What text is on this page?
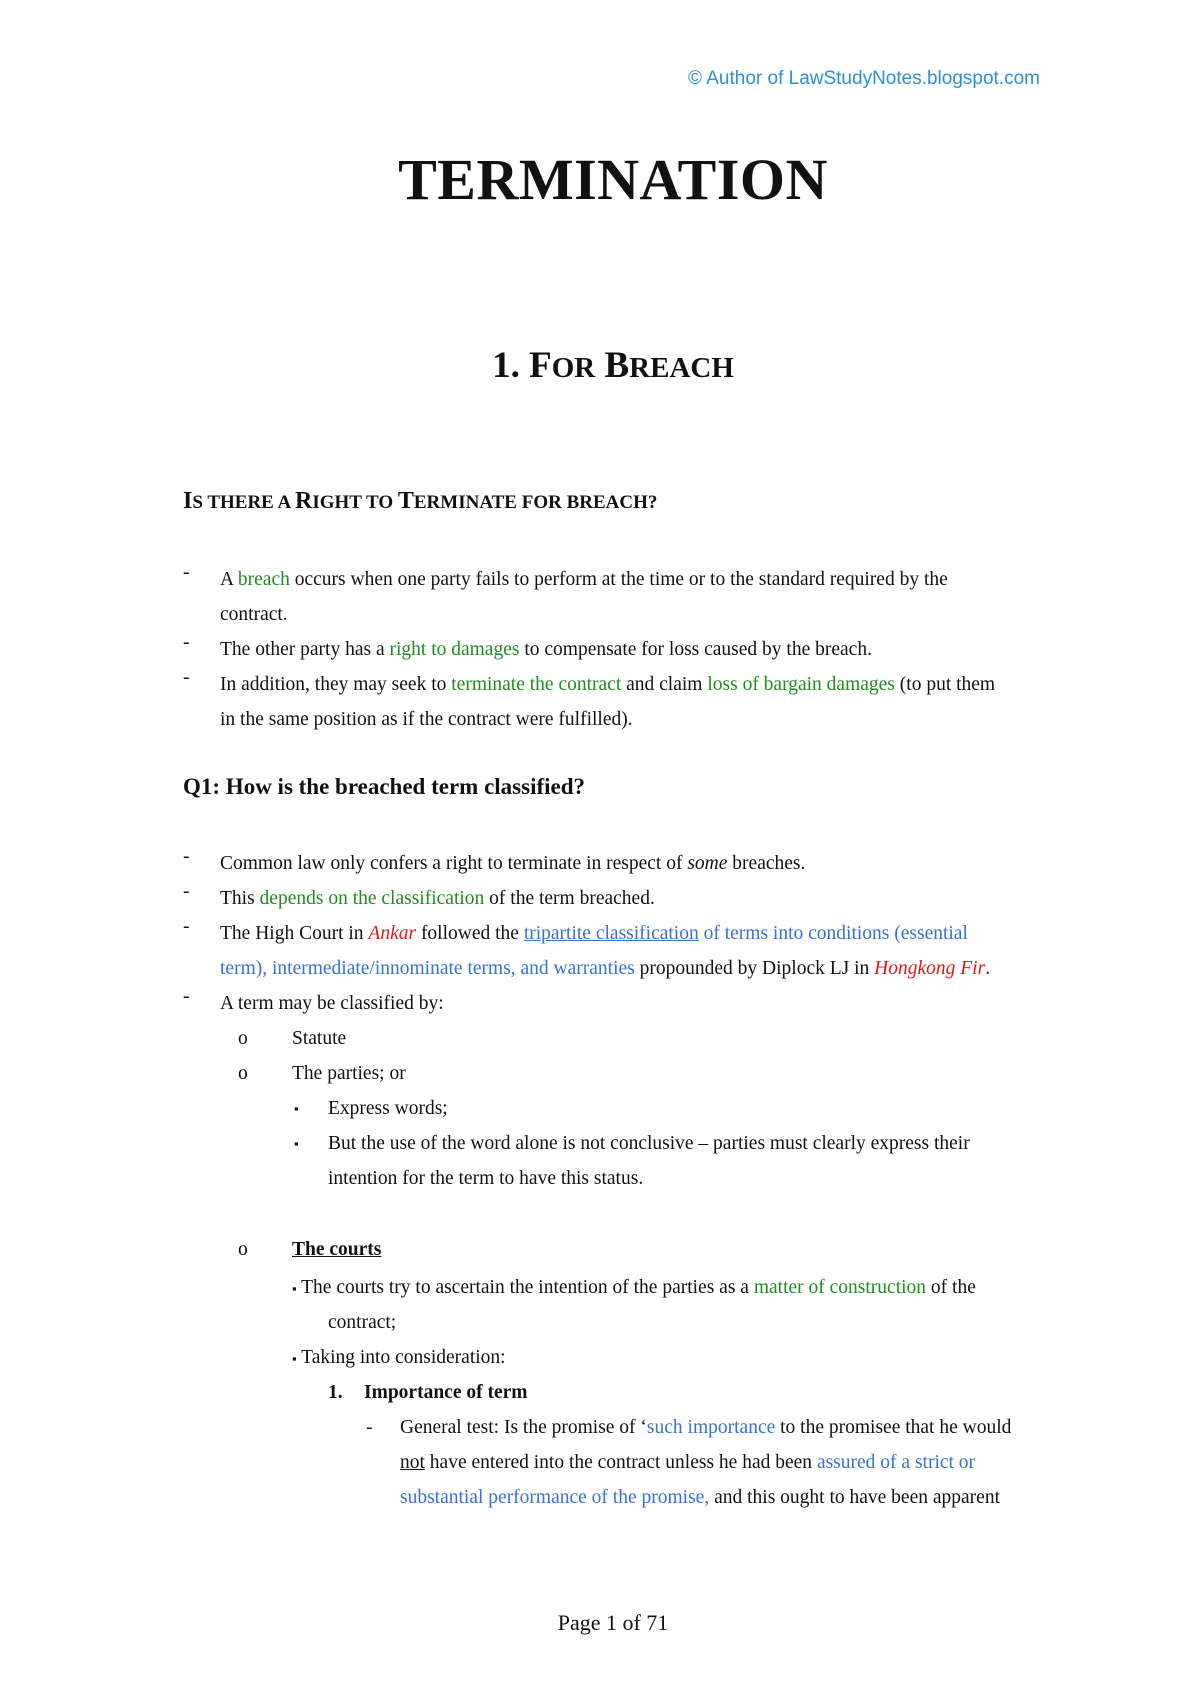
© Author of LawStudyNotes.blogspot.com
TERMINATION
1. FOR BREACH
IS THERE A RIGHT TO TERMINATE FOR BREACH?
- A breach occurs when one party fails to perform at the time or to the standard required by the
contract.
- The other party has a right to damages to compensate for loss caused by the breach.
- In addition, they may seek to terminate the contract and claim loss of bargain damages (to put them
in the same position as if the contract were fulfilled).
Q1: How is the breached term classified?
- Common law only confers a right to terminate in respect of some breaches.
- This depends on the classification of the term breached.
- The High Court in Ankar followed the tripartite classification of terms into conditions (essential
term), intermediate/innominate terms, and warranties propounded by Diplock LJ in Hongkong Fir.
- A term may be classified by:
o Statute
o The parties; or
▪ Express words;
▪ But the use of the word alone is not conclusive – parties must clearly express their
intention for the term to have this status.
o The courts
▪ The courts try to ascertain the intention of the parties as a matter of construction of the
contract;
▪ Taking into consideration:
1. Importance of term
- General test: Is the promise of ‘such importance to the promisee that he would
not have entered into the contract unless he had been assured of a strict or
substantial performance of the promise, and this ought to have been apparent
Page 1 of 71
